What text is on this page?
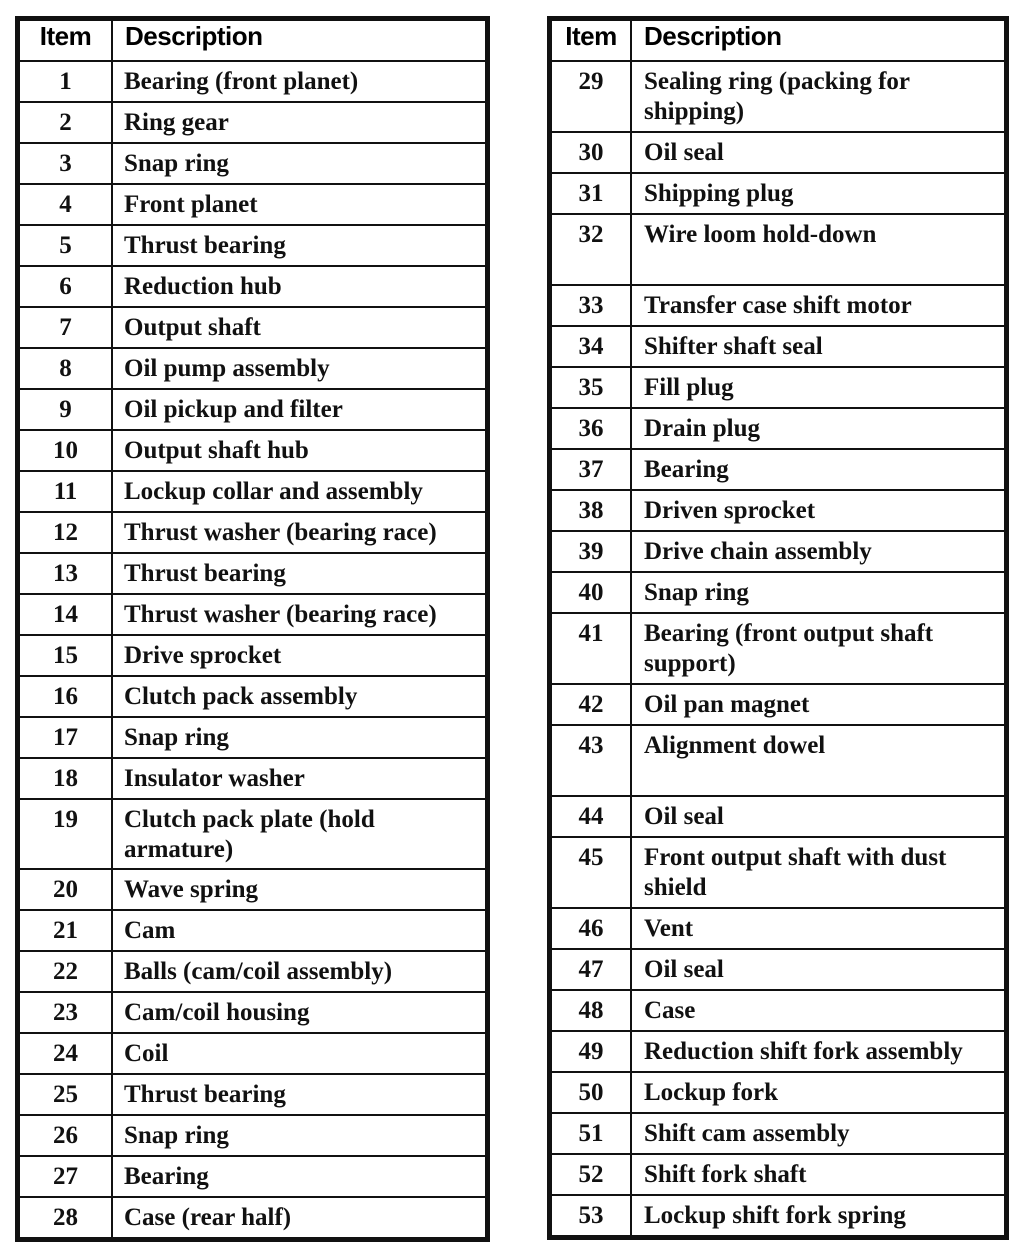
Item	Description
1	Bearing (front planet)
2	Ring gear
3	Snap ring
4	Front planet
5	Thrust bearing
6	Reduction hub
7	Output shaft
8	Oil pump assembly
9	Oil pickup and filter
10	Output shaft hub
11	Lockup collar and assembly
12	Thrust washer (bearing race)
13	Thrust bearing
14	Thrust washer (bearing race)
15	Drive sprocket
16	Clutch pack assembly
17	Snap ring
18	Insulator washer
19	Clutch pack plate (hold armature)
20	Wave spring
21	Cam
22	Balls (cam/coil assembly)
23	Cam/coil housing
24	Coil
25	Thrust bearing
26	Snap ring
27	Bearing
28	Case (rear half)
Item	Description
29	Sealing ring (packing for shipping)
30	Oil seal
31	Shipping plug
32	Wire loom hold-down
33	Transfer case shift motor
34	Shifter shaft seal
35	Fill plug
36	Drain plug
37	Bearing
38	Driven sprocket
39	Drive chain assembly
40	Snap ring
41	Bearing (front output shaft support)
42	Oil pan magnet
43	Alignment dowel
44	Oil seal
45	Front output shaft with dust shield
46	Vent
47	Oil seal
48	Case
49	Reduction shift fork assembly
50	Lockup fork
51	Shift cam assembly
52	Shift fork shaft
53	Lockup shift fork spring
